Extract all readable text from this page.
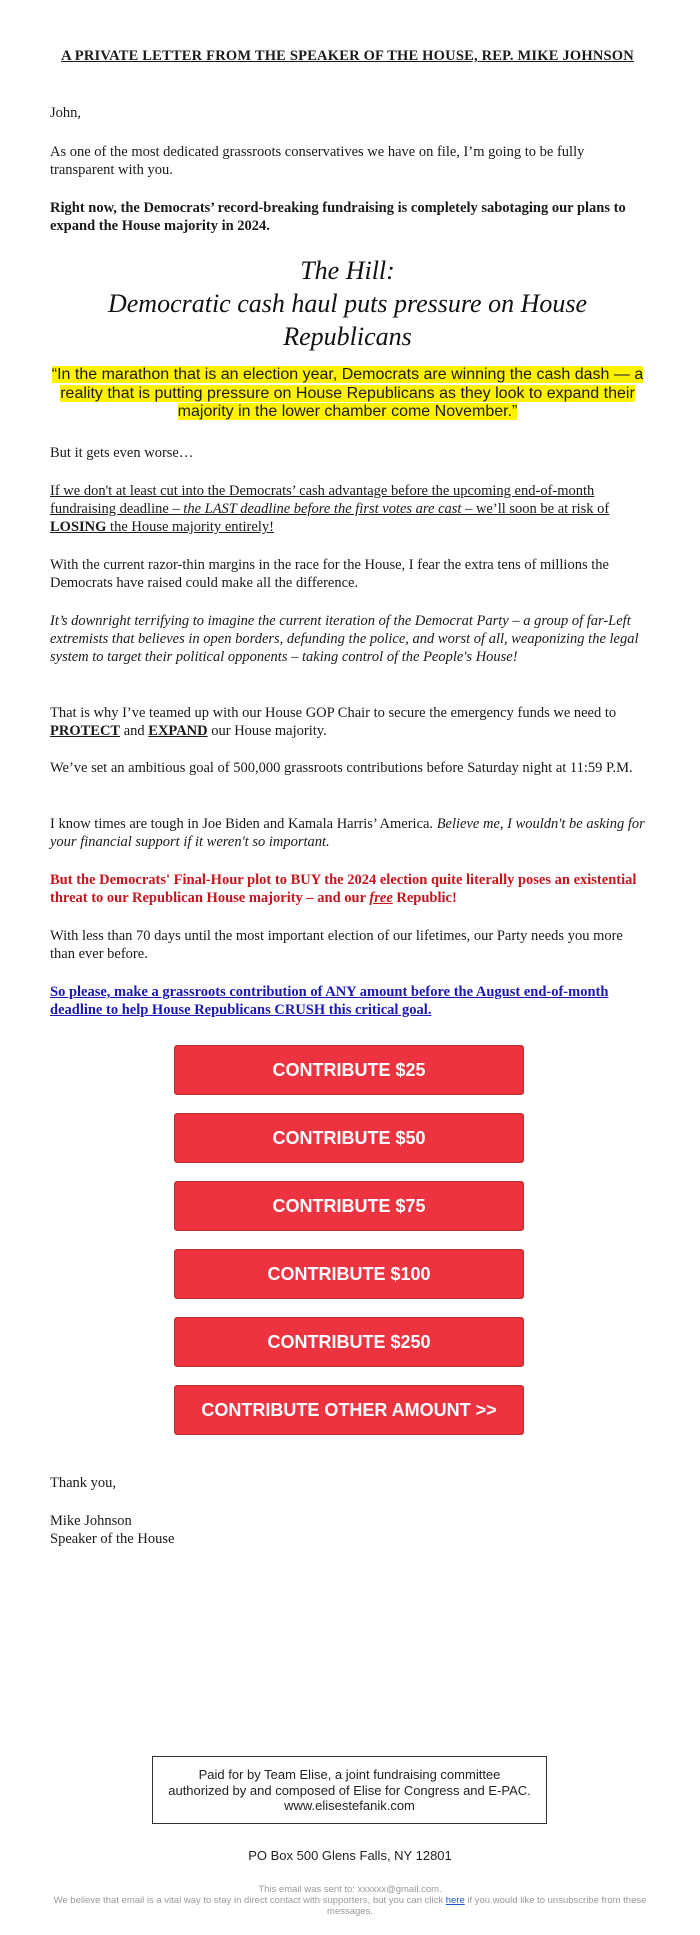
A PRIVATE LETTER FROM THE SPEAKER OF THE HOUSE, REP. MIKE JOHNSON

John,

As one of the most dedicated grassroots conservatives we have on file, I’m going to be fully transparent with you.

Right now, the Democrats’ record-breaking fundraising is completely sabotaging our plans to expand the House majority in 2024.

The Hill:
Democratic cash haul puts pressure on House Republicans
“In the marathon that is an election year, Democrats are winning the cash dash — a reality that is putting pressure on House Republicans as they look to expand their majority in the lower chamber come November.”

But it gets even worse…

If we don't at least cut into the Democrats’ cash advantage before the upcoming end-of-month fundraising deadline – the LAST deadline before the first votes are cast – we’ll soon be at risk of LOSING the House majority entirely!

With the current razor-thin margins in the race for the House, I fear the extra tens of millions the Democrats have raised could make all the difference.

It’s downright terrifying to imagine the current iteration of the Democrat Party – a group of far-Left extremists that believes in open borders, defunding the police, and worst of all, weaponizing the legal system to target their political opponents – taking control of the People's House!

That is why I’ve teamed up with our House GOP Chair to secure the emergency funds we need to PROTECT and EXPAND our House majority.

We’ve set an ambitious goal of 500,000 grassroots contributions before Saturday night at 11:59 P.M.

I know times are tough in Joe Biden and Kamala Harris’ America. Believe me, I wouldn't be asking for your financial support if it weren't so important.

But the Democrats' Final-Hour plot to BUY the 2024 election quite literally poses an existential threat to our Republican House majority – and our free Republic!

With less than 70 days until the most important election of our lifetimes, our Party needs you more than ever before.

So please, make a grassroots contribution of ANY amount before the August end-of-month deadline to help House Republicans CRUSH this critical goal.
CONTRIBUTE $25
CONTRIBUTE $50
CONTRIBUTE $75
CONTRIBUTE $100
CONTRIBUTE $250
CONTRIBUTE OTHER AMOUNT >>

Thank you,

Mike Johnson

Speaker of the House

Paid for by Team Elise, a joint fundraising committee authorized by and composed of Elise for Congress and E-PAC. www.elisestefanik.com
PO Box 500 Glens Falls, NY 12801
This email was sent to: xxxxxx@gmail.com.
We believe that email is a vital way to stay in direct contact with supporters, but you can click here if you would like to unsubscribe from these messages.
